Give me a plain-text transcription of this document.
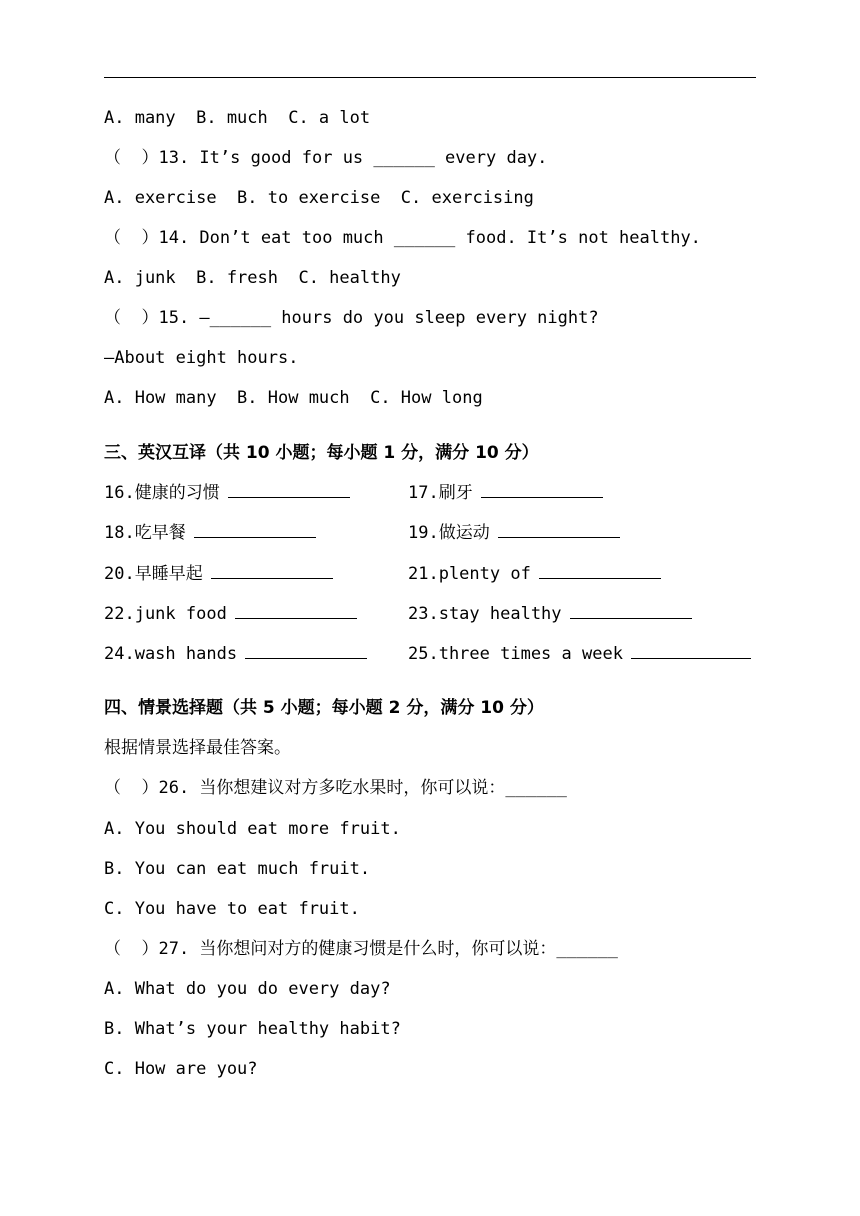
A. many  B. much  C. a lot
（  ）13. It’s good for us ______ every day.
A. exercise  B. to exercise  C. exercising
（  ）14. Don’t eat too much ______ food. It’s not healthy.
A. junk  B. fresh  C. healthy
（  ）15. —______ hours do you sleep every night?
—About eight hours.
A. How many  B. How much  C. How long
三、英汉互译（共 10 小题；每小题 1 分，满分 10 分）
16.健康的习惯	17.刷牙
18.吃早餐	19.做运动
20.早睡早起	21.plenty of
22.junk food	23.stay healthy
24.wash hands	25.three times a week
四、情景选择题（共 5 小题；每小题 2 分，满分 10 分）
根据情景选择最佳答案。
（  ）26. 当你想建议对方多吃水果时，你可以说：______
A. You should eat more fruit.
B. You can eat much fruit.
C. You have to eat fruit.
（  ）27. 当你想问对方的健康习惯是什么时，你可以说：______
A. What do you do every day?
B. What’s your healthy habit?
C. How are you?
